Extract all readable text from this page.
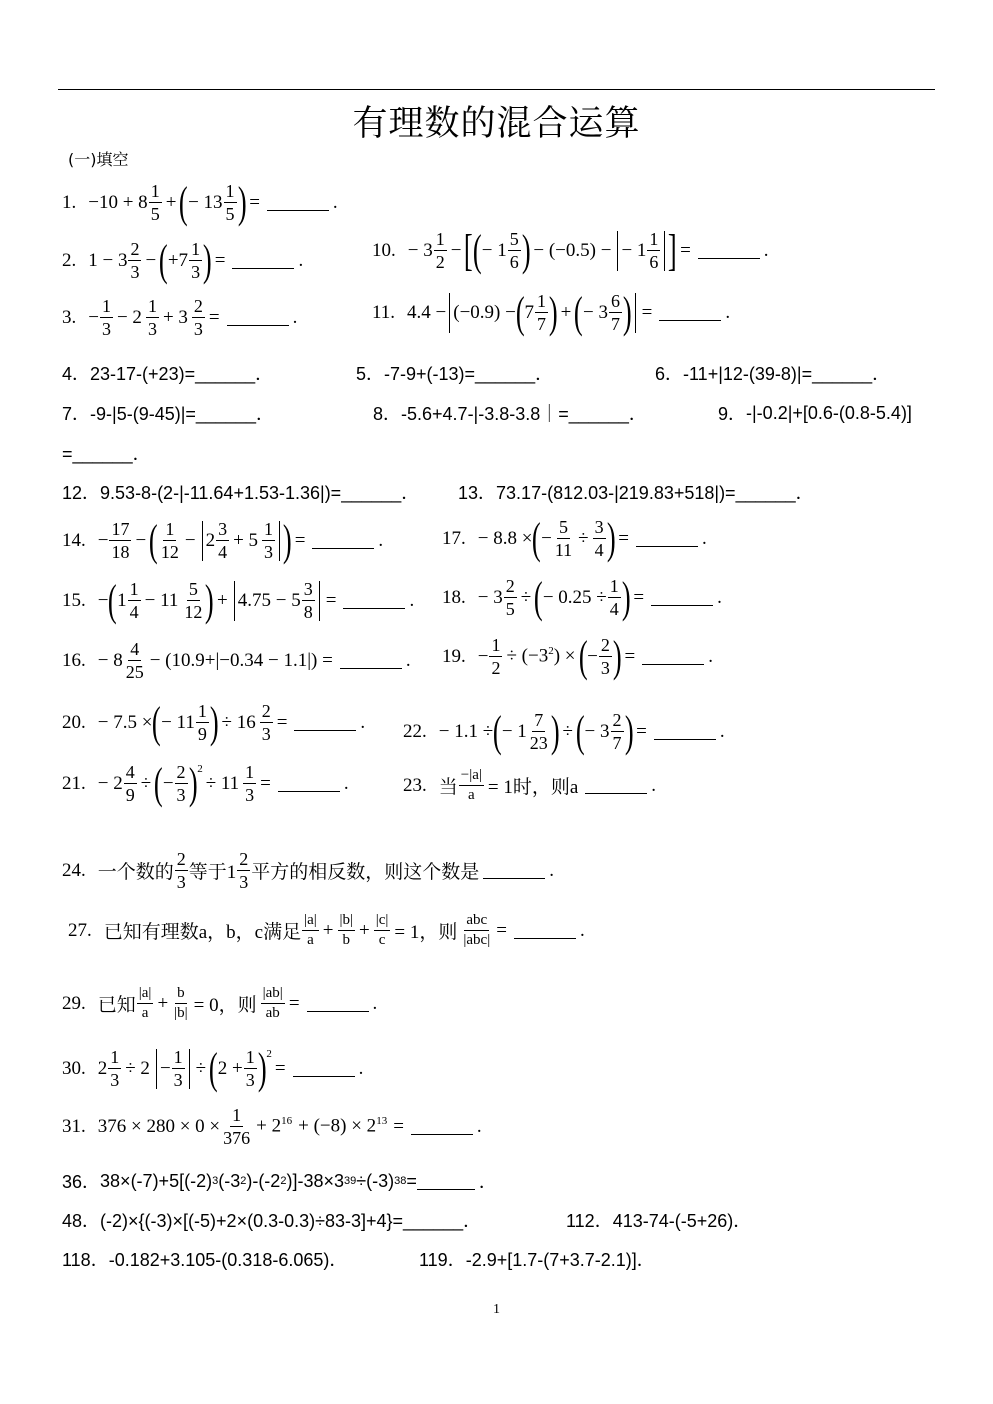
有理数的混合运算
(一)填空
1. $-10 + 8 \frac{1}{5}$ + ( − $13 \frac{1}{5}$ ) =	.
2. $1 - 3 \frac{2}{3}$ − ( $+7 \frac{1}{3}$ ) =	.
3. − $\frac{1}{3} - 2 \frac{1}{3} + 3 \frac{2}{3}$ =	.
10. − $3 \frac{1}{2}$ − [ ( − $1 \frac{5}{6}$ ) − (−0.5) − − $1 \frac{1}{6}$ ] =	.
11. 4.4 − (−0.9) − ( $7 \frac{1}{7}$ ) + ( − $3 \frac{6}{7}$ ) =	.
4． 23-17-(+23)=______．	5． -7-9+(-13)=______．	6． -11+|12-(39-8)|=______．
7． -9-|5-(9-45)|=______．	8． -5.6+4.7-|-3.8-3.8｜=______．	9． -|-0.2|+[0.6-(0.8-5.4)]
=______．
12． 9.53-8-(2-|-11.64+1.53-1.36|)=______． 13． 73.17-(812.03-|219.83+518|)=______．
14. − $\frac{17}{18}$ − ( $\frac{1}{12} - 2 \frac{3}{4} + 5 \frac{1}{3}$ ) =	.
15. − ( $1 \frac{1}{4} - 11 \frac{5}{12}$ ) + $4.75 - 5 \frac{3}{8}$ =	.
16. − $8 \frac{4}{25} - (10.9+|-0.34 - 1.1|)$ =	.
17. − 8.8 × ( − $\frac{5}{11} \div \frac{3}{4}$ ) =	.
18. − $3 \frac{2}{5}$ ÷ ( − $0.25 \div \frac{1}{4}$ ) =	.
19. − $\frac{1}{2} \div (-3^2)$ × ( − $\frac{2}{3}$ ) =	.
20. − 7.5 × ( − $11 \frac{1}{9}$ ) ÷ $16 \frac{2}{3}$ =	.
21. − $2 \frac{4}{9}$ ÷ ( − $\frac{2}{3} )^2$
÷ $11 \frac{1}{3}$ =	.
22. − 1.1 ÷ ( − $1 \frac{7}{23}$ ) ÷ ( − $3 \frac{2}{7}$ ) =	.
23. 当 $\frac{-|a|}{a} = 1$时，则a	.
24. 一个数的 $\frac{2}{3}$ 等于$1 \frac{2}{3}$ 平方的相反数，则这个数是	.
27. 已知有理数a，b，c满足 $\frac{|a|}{a} + \frac{|b|}{b} + \frac{|c|}{c} = 1$，则 $\frac{\text{abc}}{\text{|abc|}}$ =	.
29. 已知 $\frac{|a|}{a} + \frac{b}{|b|} = 0$，则 $\frac{|ab|}{ab}$ =	.
30. $2 \frac{1}{3} \div 2 - \frac{1}{3}$ ÷ ( $2 + \frac{1}{3} )^2$
=	.
31. $376 \times 280 \times 0 \times \frac{1}{376} + 2^{16} + (-8) \times 2^{13}$ =	.
36． 38×(-7)+5[(-2) 3 (-3 2 )-(-2 2 )]-38×3 39 ÷(-3) 38 =	．
48． (-2)×{(-3)×[(-5)+2×(0.3-0.3)÷83-3]+4}=______．	112． 413-74-(-5+26)．
118． -0.182+3.105-(0.318-6.065)．	119． -2.9+[1.7-(7+3.7-2.1)]．
1
